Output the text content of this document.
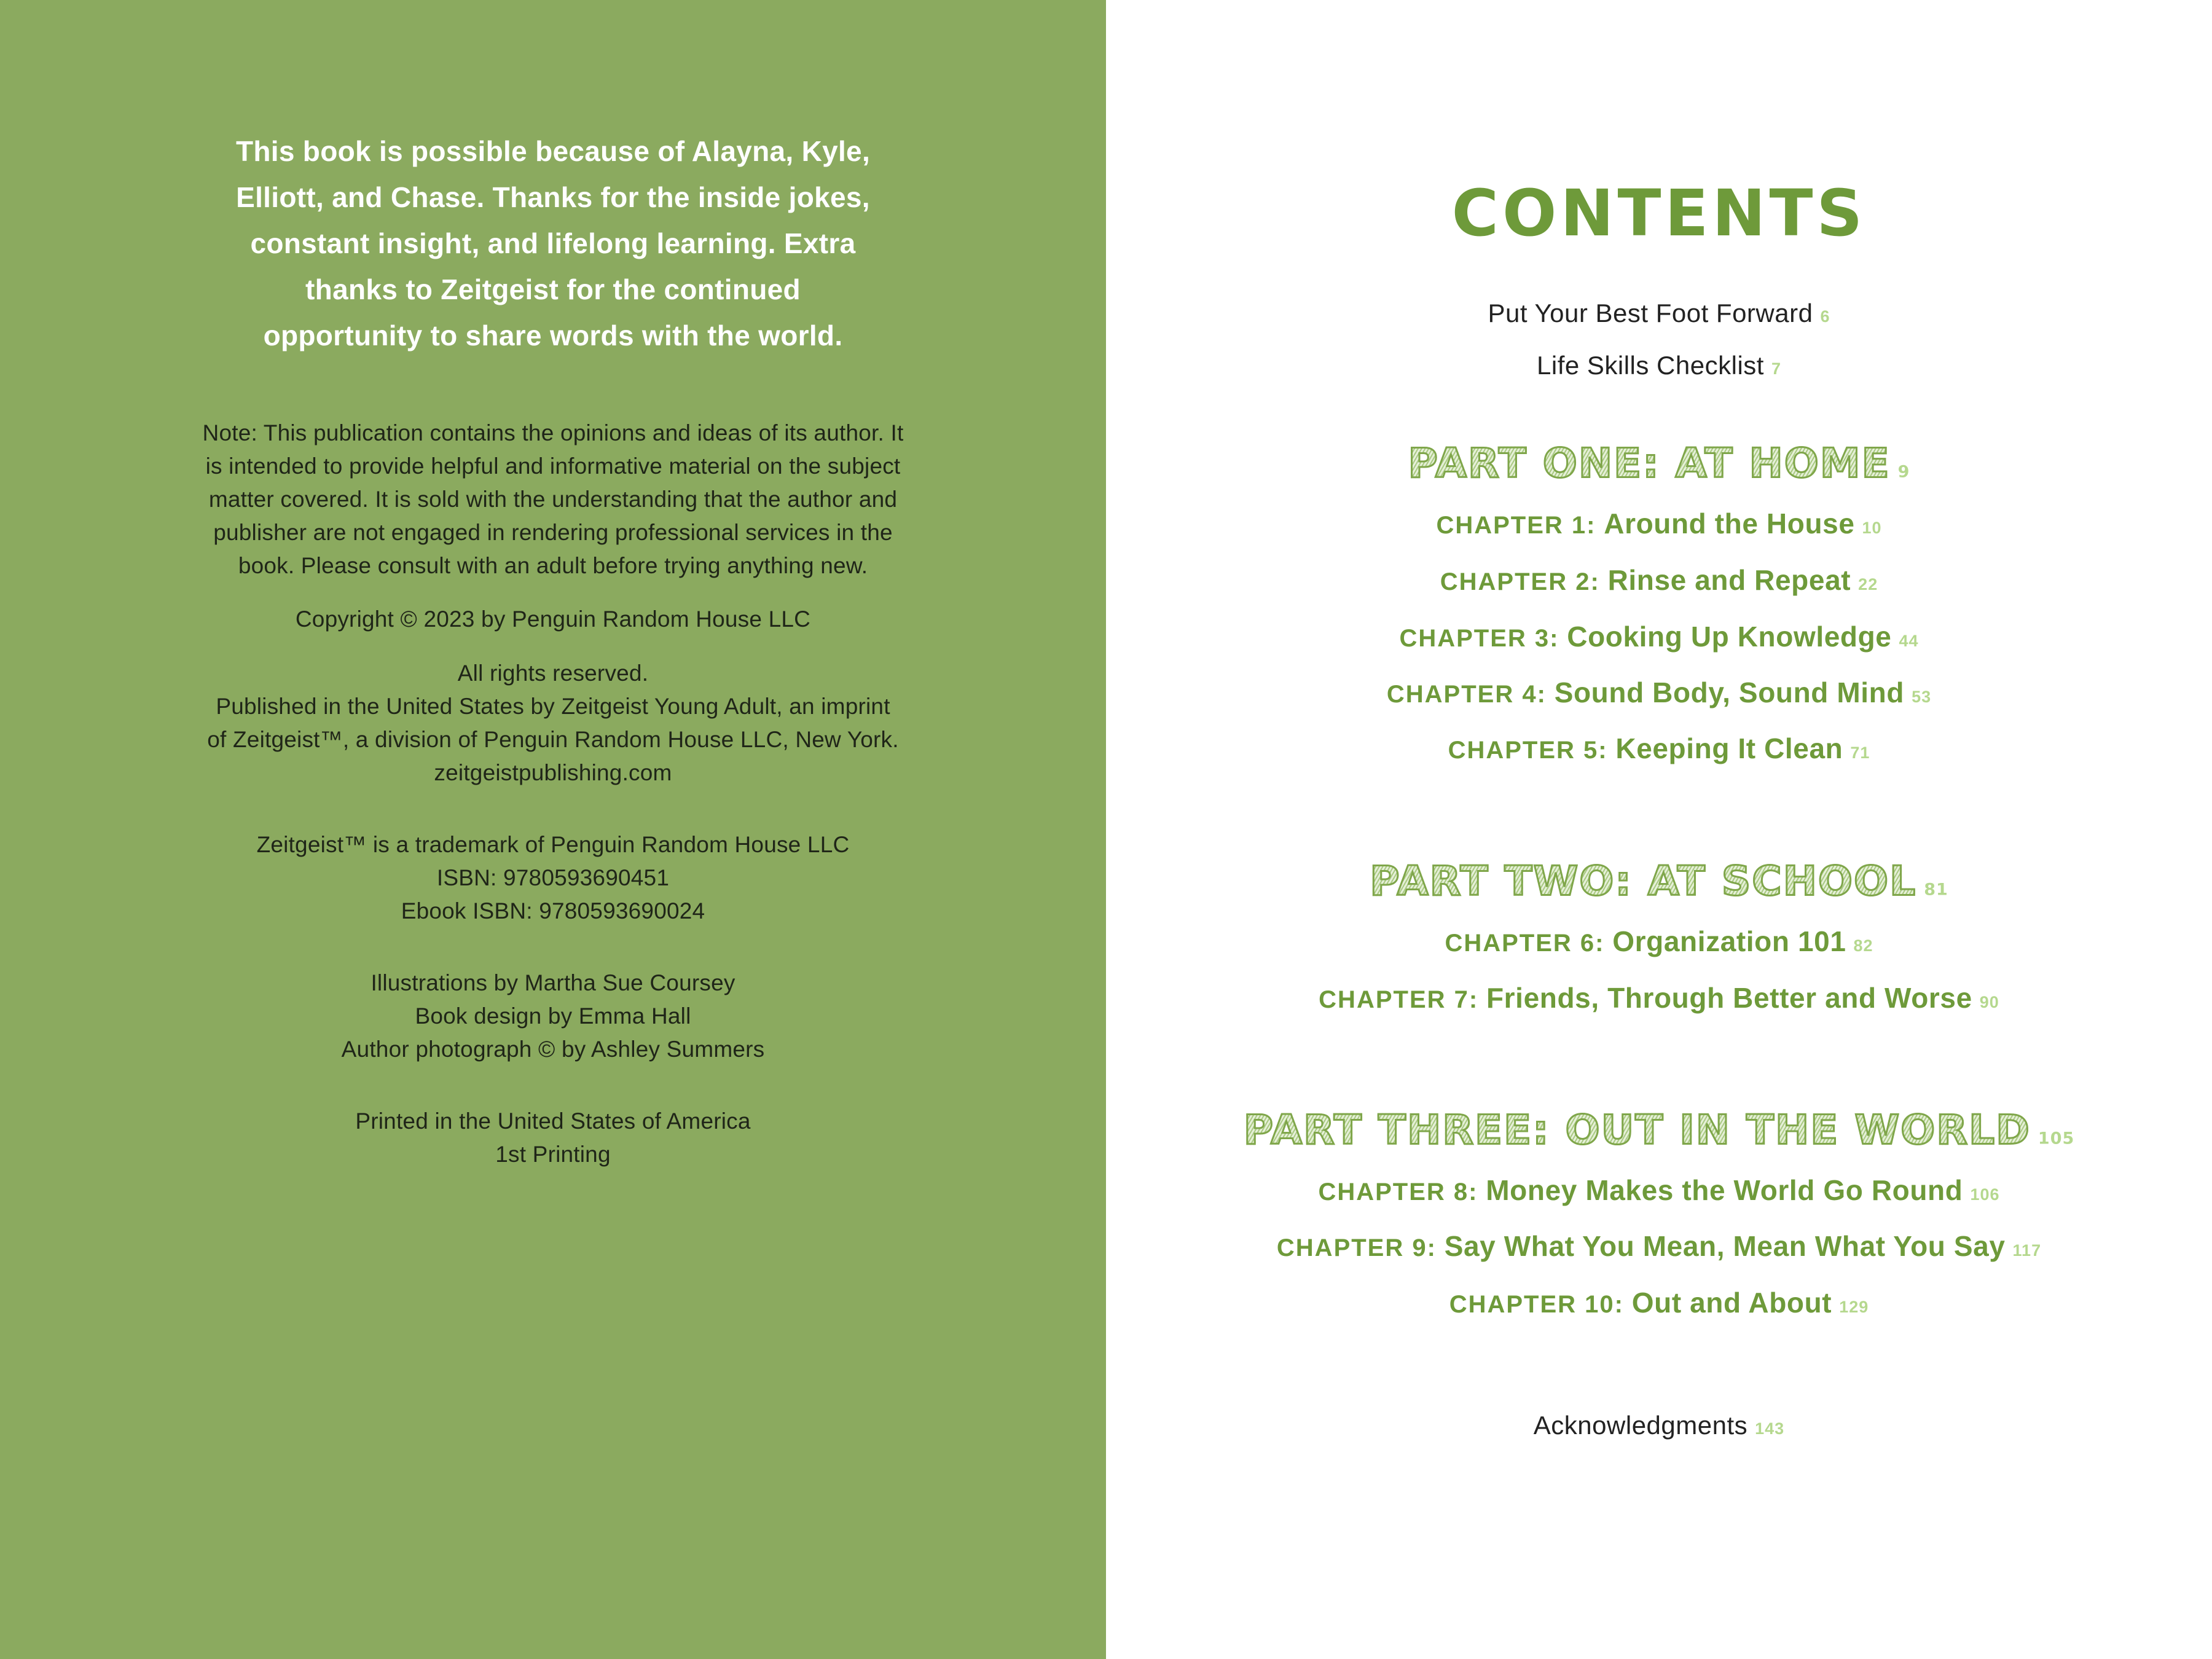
This book is possible because of Alayna, Kyle,
Elliott, and Chase. Thanks for the inside jokes,
constant insight, and lifelong learning. Extra
thanks to Zeitgeist for the continued
opportunity to share words with the world.
Note: This publication contains the opinions and ideas of its author. It
is intended to provide helpful and informative material on the subject
matter covered. It is sold with the understanding that the author and
publisher are not engaged in rendering professional services in the
book. Please consult with an adult before trying anything new.
Copyright © 2023 by Penguin Random House LLC
All rights reserved.
Published in the United States by Zeitgeist Young Adult, an imprint
of Zeitgeist™, a division of Penguin Random House LLC, New York.
zeitgeistpublishing.com
Zeitgeist™ is a trademark of Penguin Random House LLC
ISBN: 9780593690451
Ebook ISBN: 9780593690024
Illustrations by Martha Sue Coursey
Book design by Emma Hall
Author photograph © by Ashley Summers
Printed in the United States of America
1st Printing
CONTENTS
Put Your Best Foot Forward 6
Life Skills Checklist 7
PART ONE: AT HOME 9
CHAPTER 1: Around the House 10
CHAPTER 2: Rinse and Repeat 22
CHAPTER 3: Cooking Up Knowledge 44
CHAPTER 4: Sound Body, Sound Mind 53
CHAPTER 5: Keeping It Clean 71
PART TWO: AT SCHOOL 81
CHAPTER 6: Organization 101 82
CHAPTER 7: Friends, Through Better and Worse 90
PART THREE: OUT IN THE WORLD 105
CHAPTER 8: Money Makes the World Go Round 106
CHAPTER 9: Say What You Mean, Mean What You Say 117
CHAPTER 10: Out and About 129
Acknowledgments 143
